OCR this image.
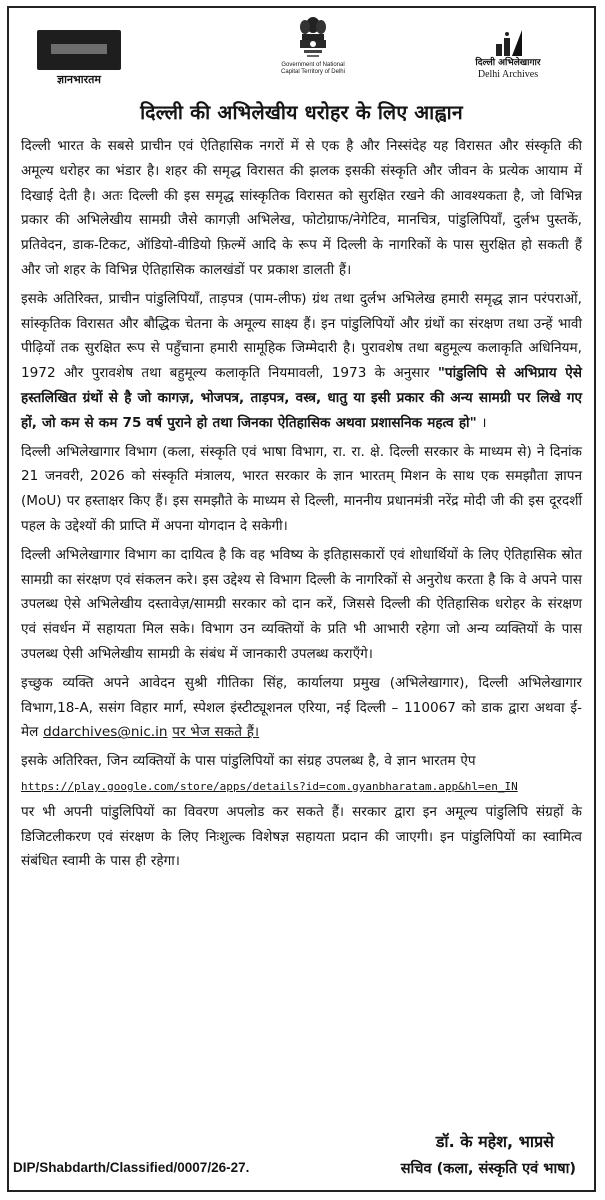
ज्ञानभारतम
Government of National
Capital Territory of Delhi
दिल्ली अभिलेखागार
Delhi Archives
दिल्ली की अभिलेखीय धरोहर के लिए आह्वान

दिल्ली भारत के सबसे प्राचीन एवं ऐतिहासिक नगरों में से एक है और निस्संदेह यह विरासत और संस्कृति की अमूल्य धरोहर का भंडार है। शहर की समृद्ध विरासत की झलक इसकी संस्कृति और जीवन के प्रत्येक आयाम में दिखाई देती है। अतः दिल्ली की इस समृद्ध सांस्कृतिक विरासत को सुरक्षित रखने की आवश्यकता है, जो विभिन्न प्रकार की अभिलेखीय सामग्री जैसे कागज़ी अभिलेख, फोटोग्राफ/नेगेटिव, मानचित्र, पांडुलिपियाँ, दुर्लभ पुस्तकें, प्रतिवेदन, डाक-टिकट, ऑडियो-वीडियो फ़िल्में आदि के रूप में दिल्ली के नागरिकों के पास सुरक्षित हो सकती हैं और जो शहर के विभिन्न ऐतिहासिक कालखंडों पर प्रकाश डालती हैं।

इसके अतिरिक्त, प्राचीन पांडुलिपियाँ, ताड़पत्र (पाम-लीफ) ग्रंथ तथा दुर्लभ अभिलेख हमारी समृद्ध ज्ञान परंपराओं, सांस्कृतिक विरासत और बौद्धिक चेतना के अमूल्य साक्ष्य हैं। इन पांडुलिपियों और ग्रंथों का संरक्षण तथा उन्हें भावी पीढ़ियों तक सुरक्षित रूप से पहुँचाना हमारी सामूहिक जिम्मेदारी है। पुरावशेष तथा बहुमूल्य कलाकृति अधिनियम, 1972 और पुरावशेष तथा बहुमूल्य कलाकृति नियमावली, 1973 के अनुसार "पांडुलिपि से अभिप्राय ऐसे हस्तलिखित ग्रंथों से है जो कागज़, भोजपत्र, ताड़पत्र, वस्त्र, धातु या इसी प्रकार की अन्य सामग्री पर लिखे गए हों, जो कम से कम 75 वर्ष पुराने हो तथा जिनका ऐतिहासिक अथवा प्रशासनिक महत्व हो" ।

दिल्ली अभिलेखागार विभाग (कला, संस्कृति एवं भाषा विभाग, रा. रा. क्षे. दिल्ली सरकार के माध्यम से) ने दिनांक 21 जनवरी, 2026 को संस्कृति मंत्रालय, भारत सरकार के ज्ञान भारतम् मिशन के साथ एक समझौता ज्ञापन (MoU) पर हस्ताक्षर किए हैं। इस समझौते के माध्यम से दिल्ली, माननीय प्रधानमंत्री नरेंद्र मोदी जी की इस दूरदर्शी पहल के उद्देश्यों की प्राप्ति में अपना योगदान दे सकेगी।

दिल्ली अभिलेखागार विभाग का दायित्व है कि वह भविष्य के इतिहासकारों एवं शोधार्थियों के लिए ऐतिहासिक स्रोत सामग्री का संरक्षण एवं संकलन करे। इस उद्देश्य से विभाग दिल्ली के नागरिकों से अनुरोध करता है कि वे अपने पास उपलब्ध ऐसे अभिलेखीय दस्तावेज़/सामग्री सरकार को दान करें, जिससे दिल्ली की ऐतिहासिक धरोहर के संरक्षण एवं संवर्धन में सहायता मिल सके। विभाग उन व्यक्तियों के प्रति भी आभारी रहेगा जो अन्य व्यक्तियों के पास उपलब्ध ऐसी अभिलेखीय सामग्री के संबंध में जानकारी उपलब्ध कराएँगे।

इच्छुक व्यक्ति अपने आवेदन सुश्री गीतिका सिंह, कार्यालया प्रमुख (अभिलेखागार), दिल्ली अभिलेखागार विभाग,18-A, ससंग विहार मार्ग, स्पेशल इंस्टीट्यूशनल एरिया, नई दिल्ली – 110067 को डाक द्वारा अथवा ई-मेल ddarchives@nic.in पर भेज सकते हैं।

इसके अतिरिक्त, जिन व्यक्तियों के पास पांडुलिपियों का संग्रह उपलब्ध है, वे ज्ञान भारतम ऐप
https://play.google.com/store/apps/details?id=com.gyanbharatam.app&hl=en_IN
पर भी अपनी पांडुलिपियों का विवरण अपलोड कर सकते हैं। सरकार द्वारा इन अमूल्य पांडुलिपि संग्रहों के डिजिटलीकरण एवं संरक्षण के लिए निःशुल्क विशेषज्ञ सहायता प्रदान की जाएगी। इन पांडुलिपियों का स्वामित्व संबंधित स्वामी के पास ही रहेगा।

डॉ. के महेश, भाप्रसे
सचिव (कला, संस्कृति एवं भाषा)
DIP/Shabdarth/Classified/0007/26-27.
